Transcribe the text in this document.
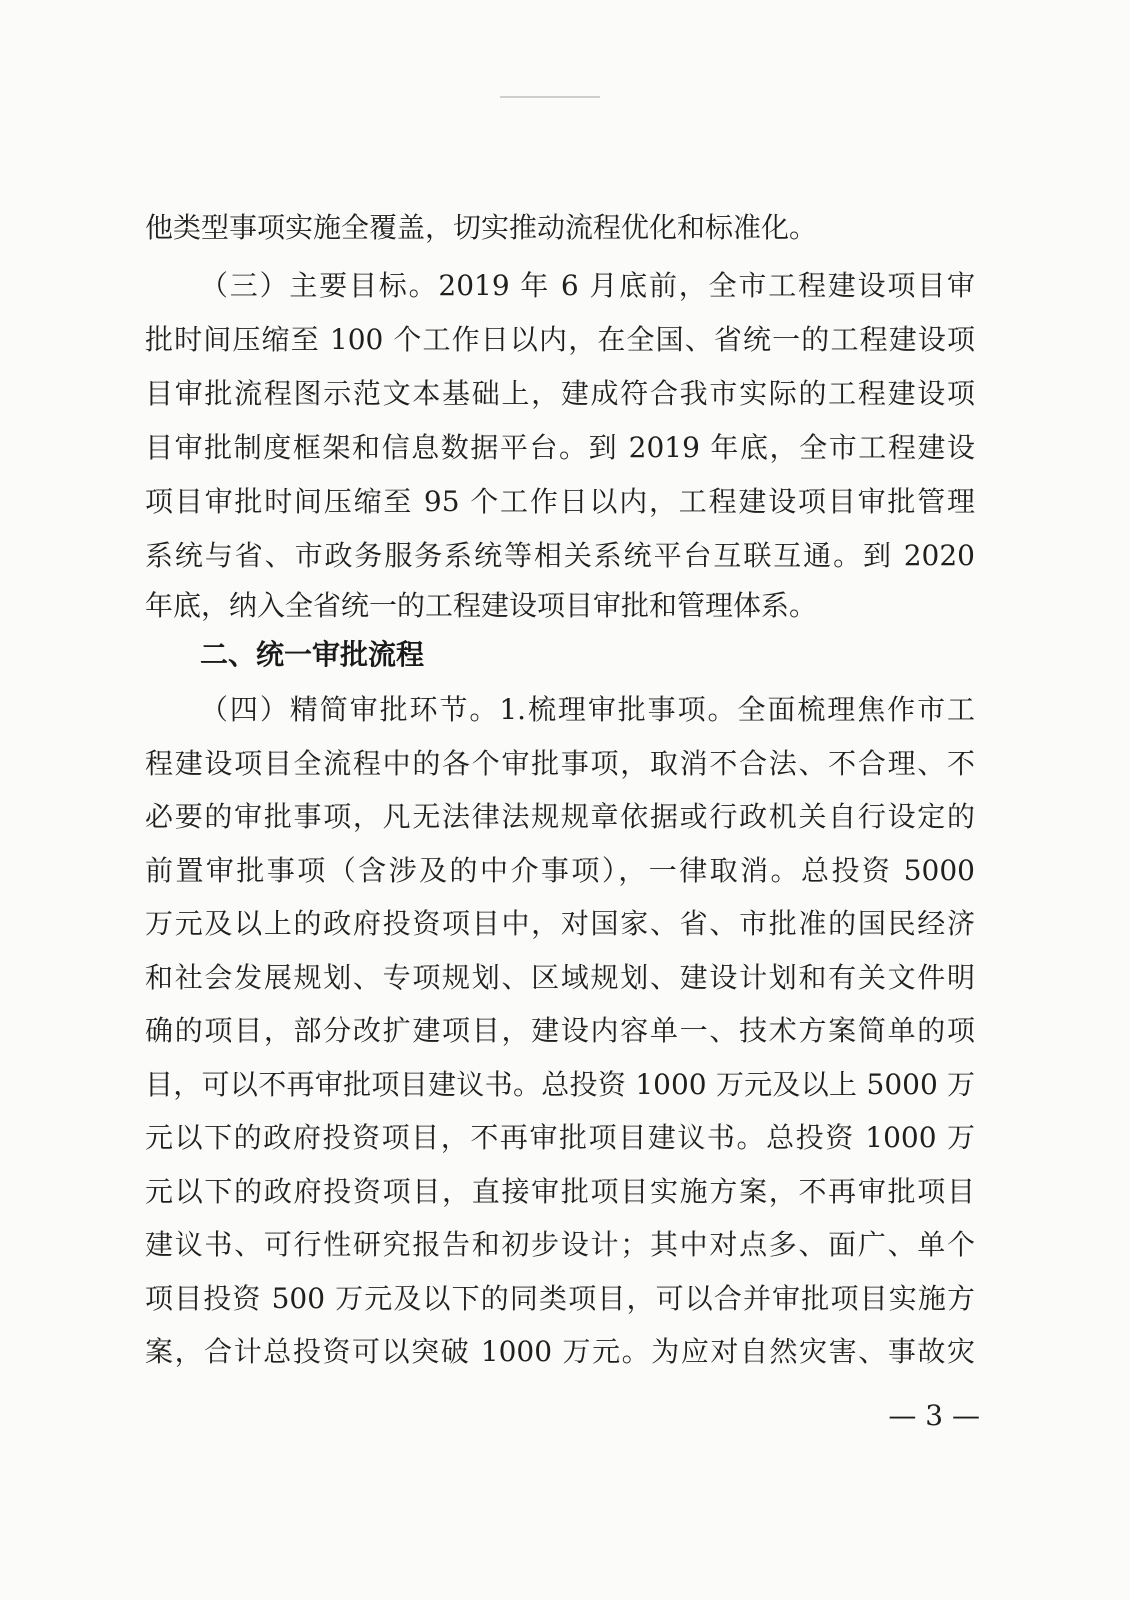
他类型事项实施全覆盖，切实推动流程优化和标准化。
（三）主要目标。2019 年 6 月底前，全市工程建设项目审
批时间压缩至 100 个工作日以内，在全国、省统一的工程建设项
目审批流程图示范文本基础上，建成符合我市实际的工程建设项
目审批制度框架和信息数据平台。到 2019 年底，全市工程建设
项目审批时间压缩至 95 个工作日以内，工程建设项目审批管理
系统与省、市政务服务系统等相关系统平台互联互通。到 2020
年底，纳入全省统一的工程建设项目审批和管理体系。
二、统一审批流程
（四）精简审批环节。1.梳理审批事项。全面梳理焦作市工
程建设项目全流程中的各个审批事项，取消不合法、不合理、不
必要的审批事项，凡无法律法规规章依据或行政机关自行设定的
前置审批事项（含涉及的中介事项），一律取消。总投资 5000
万元及以上的政府投资项目中，对国家、省、市批准的国民经济
和社会发展规划、专项规划、区域规划、建设计划和有关文件明
确的项目，部分改扩建项目，建设内容单一、技术方案简单的项
目，可以不再审批项目建议书。总投资 1000 万元及以上 5000 万
元以下的政府投资项目，不再审批项目建议书。总投资 1000 万
元以下的政府投资项目，直接审批项目实施方案，不再审批项目
建议书、可行性研究报告和初步设计；其中对点多、面广、单个
项目投资 500 万元及以下的同类项目，可以合并审批项目实施方
案，合计总投资可以突破 1000 万元。为应对自然灾害、事故灾
— 3 —
